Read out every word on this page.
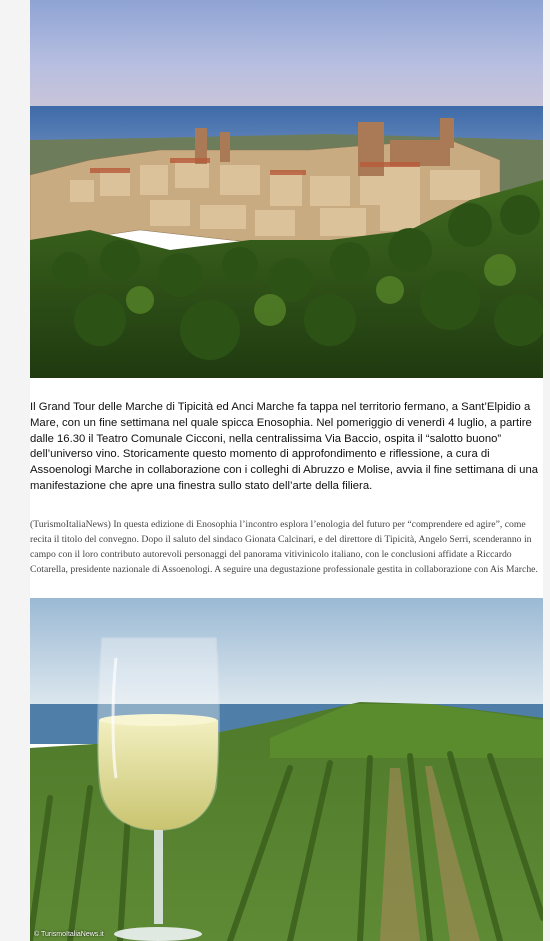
Il Grand Tour delle Marche di Tipicità ed Anci Marche fa tappa nel territorio fermano, a Sant’Elpidio a Mare, con un fine settimana nel quale spicca Enosophia. Nel pomeriggio di venerdì 4 luglio, a partire dalle 16.30 il Teatro Comunale Cicconi, nella centralissima Via Baccio, ospita il “salotto buono” dell’universo vino. Storicamente questo momento di approfondimento e riflessione, a cura di Assoenologi Marche in collaborazione con i colleghi di Abruzzo e Molise, avvia il fine settimana di una manifestazione che apre una finestra sullo stato dell’arte della filiera.

(TurismoItaliaNews) In questa edizione di Enosophia l’incontro esplora l’enologia del futuro per “comprendere ed agire”, come recita il titolo del convegno. Dopo il saluto del sindaco Gionata Calcinari, e del direttore di Tipicità, Angelo Serri, scenderanno in campo con il loro contributo autorevoli personaggi del panorama vitivinicolo italiano, con le conclusioni affidate a Riccardo Cotarella, presidente nazionale di Assoenologi. A seguire una degustazione professionale gestita in collaborazione con Ais Marche.

© TurismoItaliaNews.it
